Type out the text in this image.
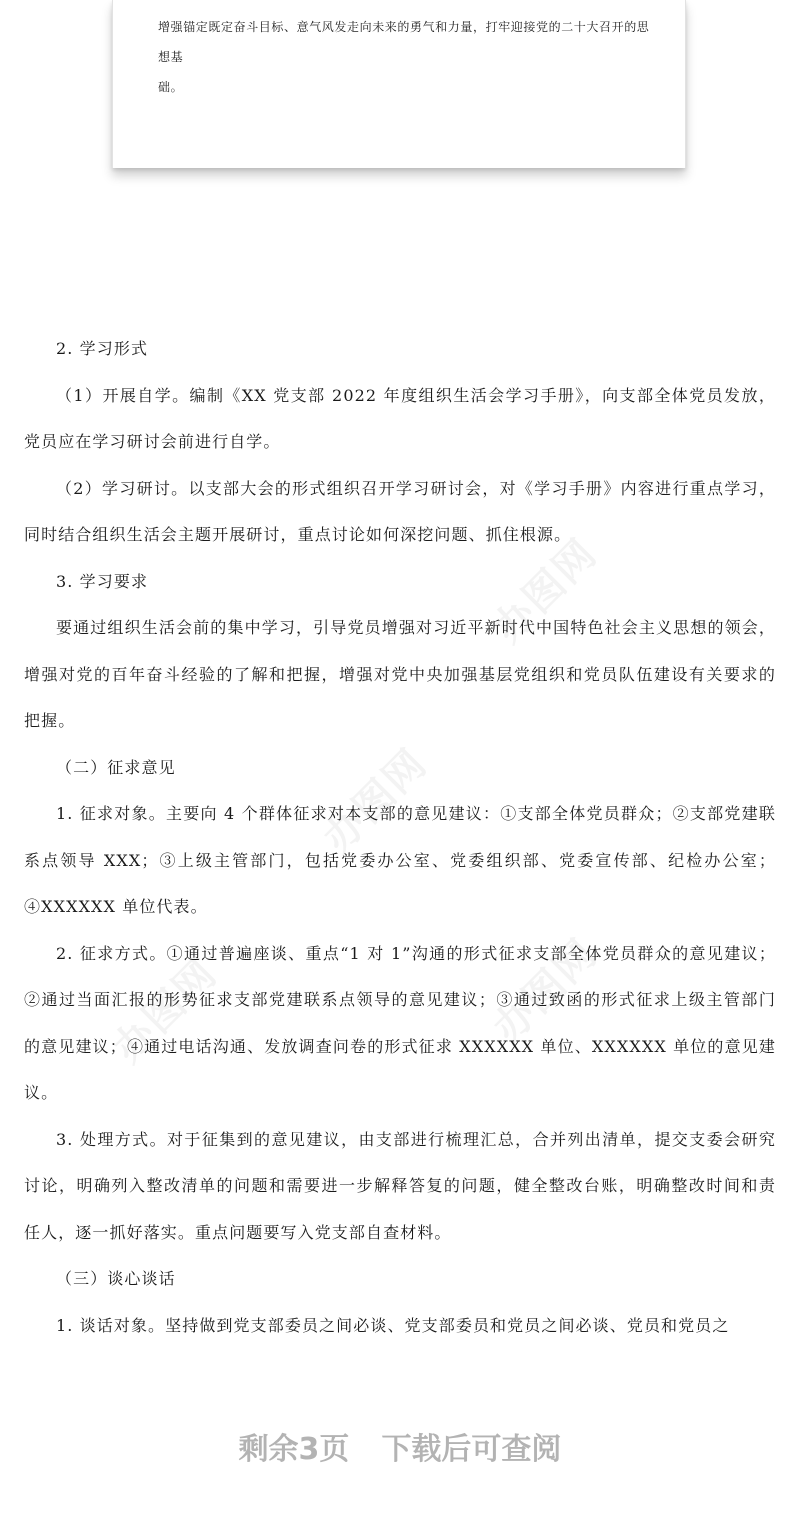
增强锚定既定奋斗目标、意气风发走向未来的勇气和力量，打牢迎接党的二十大召开的思想基
础。
办图网
办图网
办图网
办图网

2. 学习形式

（1）开展自学。编制《XX 党支部 2022 年度组织生活会学习手册》，向支部全体党员发放，党员应在学习研讨会前进行自学。

（2）学习研讨。以支部大会的形式组织召开学习研讨会，对《学习手册》内容进行重点学习，同时结合组织生活会主题开展研讨，重点讨论如何深挖问题、抓住根源。

3. 学习要求

要通过组织生活会前的集中学习，引导党员增强对习近平新时代中国特色社会主义思想的领会，增强对党的百年奋斗经验的了解和把握，增强对党中央加强基层党组织和党员队伍建设有关要求的把握。

（二）征求意见

1. 征求对象。主要向 4 个群体征求对本支部的意见建议：①支部全体党员群众；②支部党建联系点领导 XXX；③上级主管部门，包括党委办公室、党委组织部、党委宣传部、纪检办公室；④XXXXXX 单位代表。

2. 征求方式。①通过普遍座谈、重点“1 对 1”沟通的形式征求支部全体党员群众的意见建议；②通过当面汇报的形势征求支部党建联系点领导的意见建议；③通过致函的形式征求上级主管部门的意见建议；④通过电话沟通、发放调查问卷的形式征求 XXXXXX 单位、XXXXXX 单位的意见建议。

3. 处理方式。对于征集到的意见建议，由支部进行梳理汇总，合并列出清单，提交支委会研究讨论，明确列入整改清单的问题和需要进一步解释答复的问题，健全整改台账，明确整改时间和责任人，逐一抓好落实。重点问题要写入党支部自查材料。

（三）谈心谈话

1. 谈话对象。坚持做到党支部委员之间必谈、党支部委员和党员之间必谈、党员和党员之

剩余3页 下载后可查阅
